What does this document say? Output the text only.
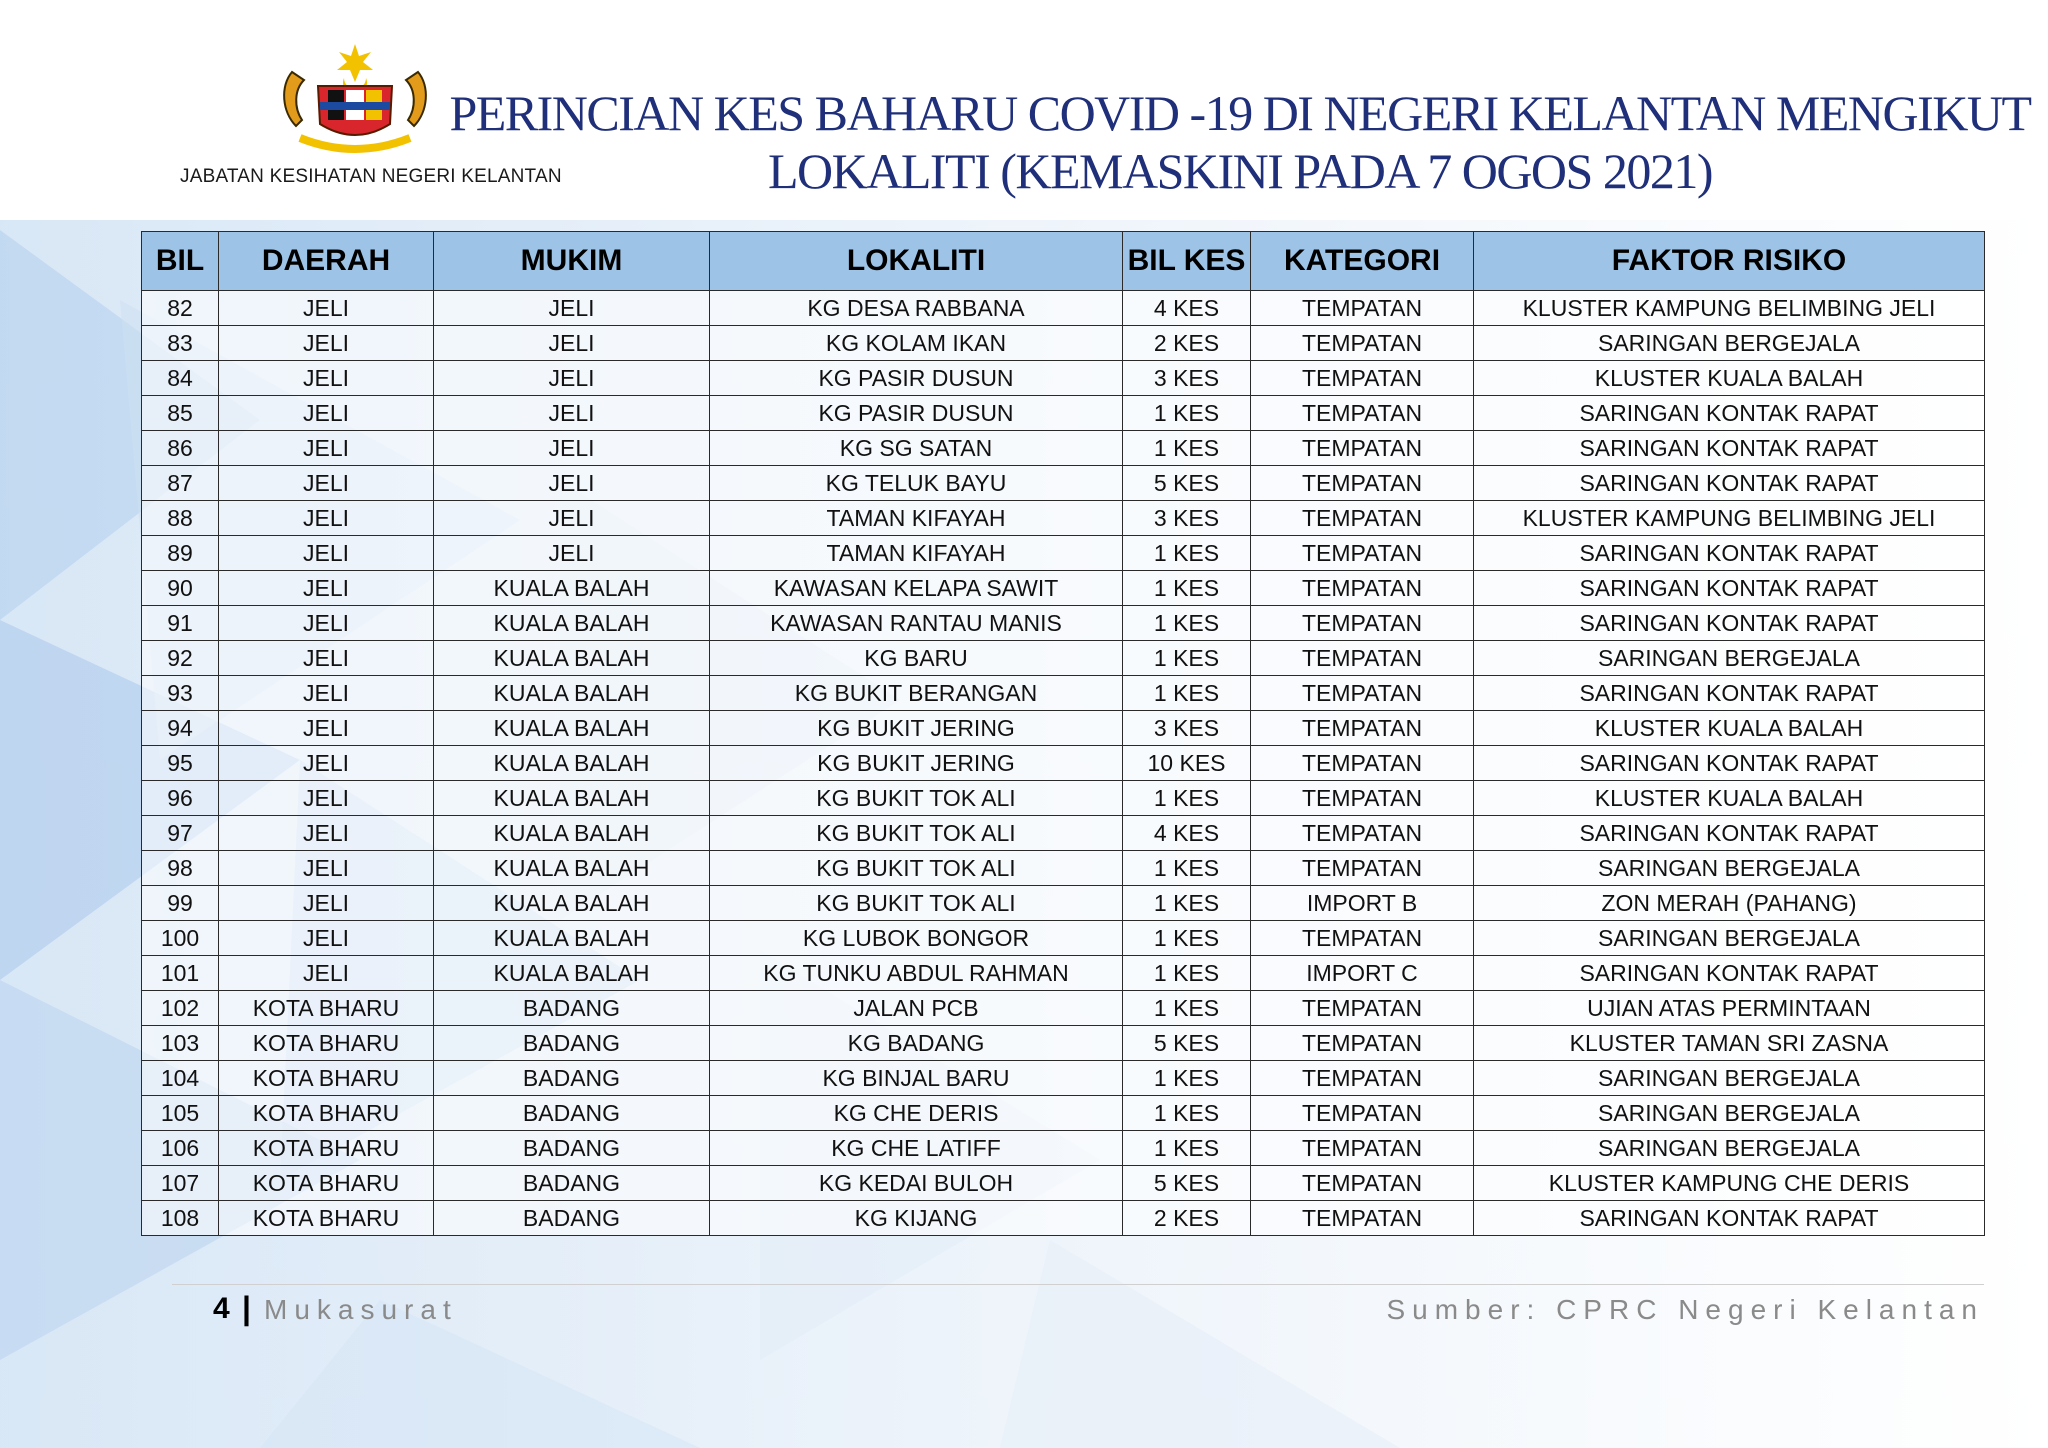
JABATAN KESIHATAN NEGERI KELANTAN
PERINCIAN KES BAHARU COVID -19 DI NEGERI KELANTAN MENGIKUT
LOKALITI (KEMASKINI PADA 7 OGOS 2021)
BIL	DAERAH	MUKIM	LOKALITI	BIL KES	KATEGORI	FAKTOR RISIKO
82	JELI	JELI	KG DESA RABBANA	4 KES	TEMPATAN	KLUSTER KAMPUNG BELIMBING JELI
83	JELI	JELI	KG KOLAM IKAN	2 KES	TEMPATAN	SARINGAN BERGEJALA
84	JELI	JELI	KG PASIR DUSUN	3 KES	TEMPATAN	KLUSTER KUALA BALAH
85	JELI	JELI	KG PASIR DUSUN	1 KES	TEMPATAN	SARINGAN KONTAK RAPAT
86	JELI	JELI	KG SG SATAN	1 KES	TEMPATAN	SARINGAN KONTAK RAPAT
87	JELI	JELI	KG TELUK BAYU	5 KES	TEMPATAN	SARINGAN KONTAK RAPAT
88	JELI	JELI	TAMAN KIFAYAH	3 KES	TEMPATAN	KLUSTER KAMPUNG BELIMBING JELI
89	JELI	JELI	TAMAN KIFAYAH	1 KES	TEMPATAN	SARINGAN KONTAK RAPAT
90	JELI	KUALA BALAH	KAWASAN KELAPA SAWIT	1 KES	TEMPATAN	SARINGAN KONTAK RAPAT
91	JELI	KUALA BALAH	KAWASAN RANTAU MANIS	1 KES	TEMPATAN	SARINGAN KONTAK RAPAT
92	JELI	KUALA BALAH	KG BARU	1 KES	TEMPATAN	SARINGAN BERGEJALA
93	JELI	KUALA BALAH	KG BUKIT BERANGAN	1 KES	TEMPATAN	SARINGAN KONTAK RAPAT
94	JELI	KUALA BALAH	KG BUKIT JERING	3 KES	TEMPATAN	KLUSTER KUALA BALAH
95	JELI	KUALA BALAH	KG BUKIT JERING	10 KES	TEMPATAN	SARINGAN KONTAK RAPAT
96	JELI	KUALA BALAH	KG BUKIT TOK ALI	1 KES	TEMPATAN	KLUSTER KUALA BALAH
97	JELI	KUALA BALAH	KG BUKIT TOK ALI	4 KES	TEMPATAN	SARINGAN KONTAK RAPAT
98	JELI	KUALA BALAH	KG BUKIT TOK ALI	1 KES	TEMPATAN	SARINGAN BERGEJALA
99	JELI	KUALA BALAH	KG BUKIT TOK ALI	1 KES	IMPORT B	ZON MERAH (PAHANG)
100	JELI	KUALA BALAH	KG LUBOK BONGOR	1 KES	TEMPATAN	SARINGAN BERGEJALA
101	JELI	KUALA BALAH	KG TUNKU ABDUL RAHMAN	1 KES	IMPORT C	SARINGAN KONTAK RAPAT
102	KOTA BHARU	BADANG	JALAN PCB	1 KES	TEMPATAN	UJIAN ATAS PERMINTAAN
103	KOTA BHARU	BADANG	KG BADANG	5 KES	TEMPATAN	KLUSTER TAMAN SRI ZASNA
104	KOTA BHARU	BADANG	KG BINJAL BARU	1 KES	TEMPATAN	SARINGAN BERGEJALA
105	KOTA BHARU	BADANG	KG CHE DERIS	1 KES	TEMPATAN	SARINGAN BERGEJALA
106	KOTA BHARU	BADANG	KG CHE LATIFF	1 KES	TEMPATAN	SARINGAN BERGEJALA
107	KOTA BHARU	BADANG	KG KEDAI BULOH	5 KES	TEMPATAN	KLUSTER KAMPUNG CHE DERIS
108	KOTA BHARU	BADANG	KG KIJANG	2 KES	TEMPATAN	SARINGAN KONTAK RAPAT
4 | Mukasurat	Sumber: CPRC Negeri Kelantan
